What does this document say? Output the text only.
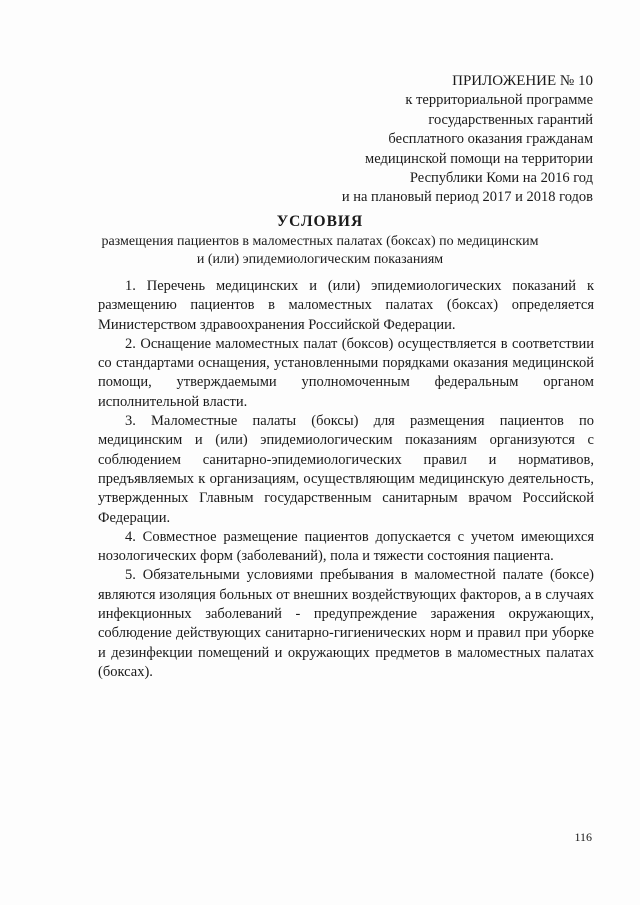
ПРИЛОЖЕНИЕ № 10
к территориальной программе
государственных гарантий
бесплатного оказания гражданам
медицинской помощи на территории
Республики Коми на 2016 год
и на плановый период 2017 и 2018 годов
УСЛОВИЯ
размещения пациентов в маломестных палатах (боксах) по медицинским
и (или) эпидемиологическим показаниям

1. Перечень медицинских и (или) эпидемиологических показаний к размещению пациентов в маломестных палатах (боксах) определяется Министерством здравоохранения Российской Федерации.

2. Оснащение маломестных палат (боксов) осуществляется в соответствии со стандартами оснащения, установленными порядками оказания медицинской помощи, утверждаемыми уполномоченным федеральным органом исполнительной власти.

3. Маломестные палаты (боксы) для размещения пациентов по медицинским и (или) эпидемиологическим показаниям организуются с соблюдением санитарно-эпидемиологических правил и нормативов, предъявляемых к организациям, осуществляющим медицинскую деятельность, утвержденных Главным государственным санитарным врачом Российской Федерации.

4. Совместное размещение пациентов допускается с учетом имеющихся нозологических форм (заболеваний), пола и тяжести состояния пациента.

5. Обязательными условиями пребывания в маломестной палате (боксе) являются изоляция больных от внешних воздействующих факторов, а в случаях инфекционных заболеваний - предупреждение заражения окружающих, соблюдение действующих санитарно-гигиенических норм и правил при уборке и дезинфекции помещений и окружающих предметов в маломестных палатах (боксах).

116
